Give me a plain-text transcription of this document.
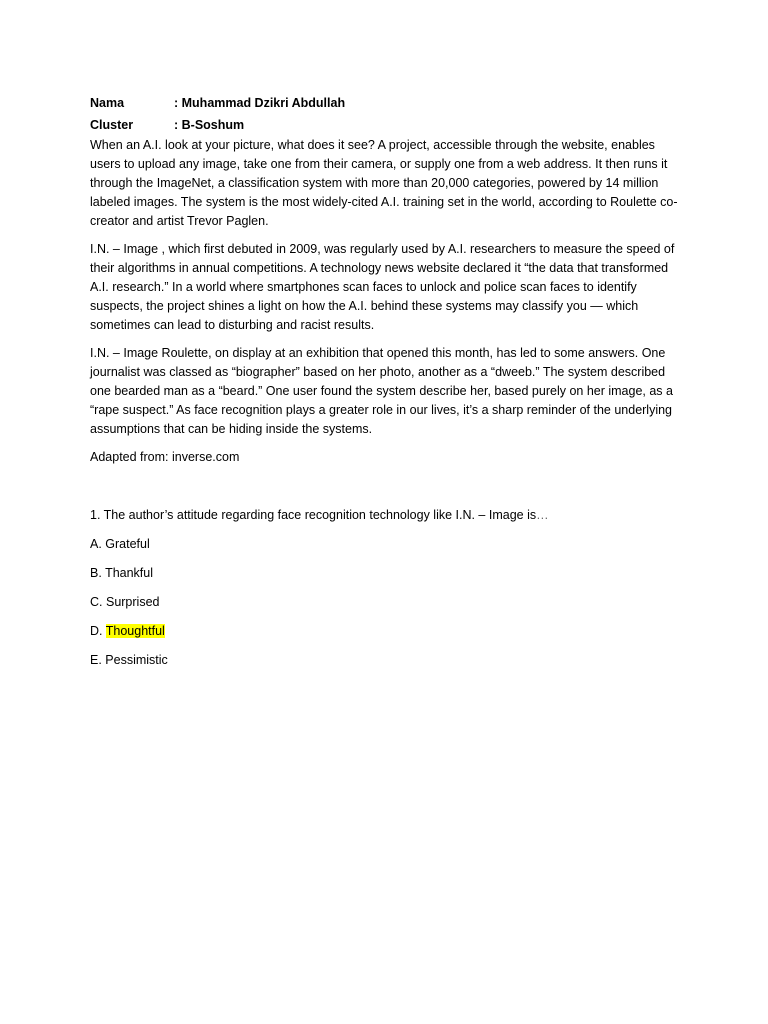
Nama	: Muhammad Dzikri Abdullah
Cluster	: B-Soshum

When an A.I. look at your picture, what does it see? A project, accessible through the website, enables users to upload any image, take one from their camera, or supply one from a web address. It then runs it through the ImageNet, a classification system with more than 20,000 categories, powered by 14 million labeled images. The system is the most widely-cited A.I. training set in the world, according to Roulette co-creator and artist Trevor Paglen.

I.N. – Image , which first debuted in 2009, was regularly used by A.I. researchers to measure the speed of their algorithms in annual competitions. A technology news website declared it “the data that transformed A.I. research.” In a world where smartphones scan faces to unlock and police scan faces to identify suspects, the project shines a light on how the A.I. behind these systems may classify you — which sometimes can lead to disturbing and racist results.

I.N. – Image Roulette, on display at an exhibition that opened this month, has led to some answers. One journalist was classed as “biographer” based on her photo, another as a “dweeb.” The system described one bearded man as a “beard.” One user found the system describe her, based purely on her image, as a “rape suspect.” As face recognition plays a greater role in our lives, it’s a sharp reminder of the underlying assumptions that can be hiding inside the systems.

Adapted from: inverse.com

1. The author’s attitude regarding face recognition technology like I.N. – Image is…

A. Grateful
B. Thankful
C. Surprised
D. Thoughtful
E. Pessimistic
